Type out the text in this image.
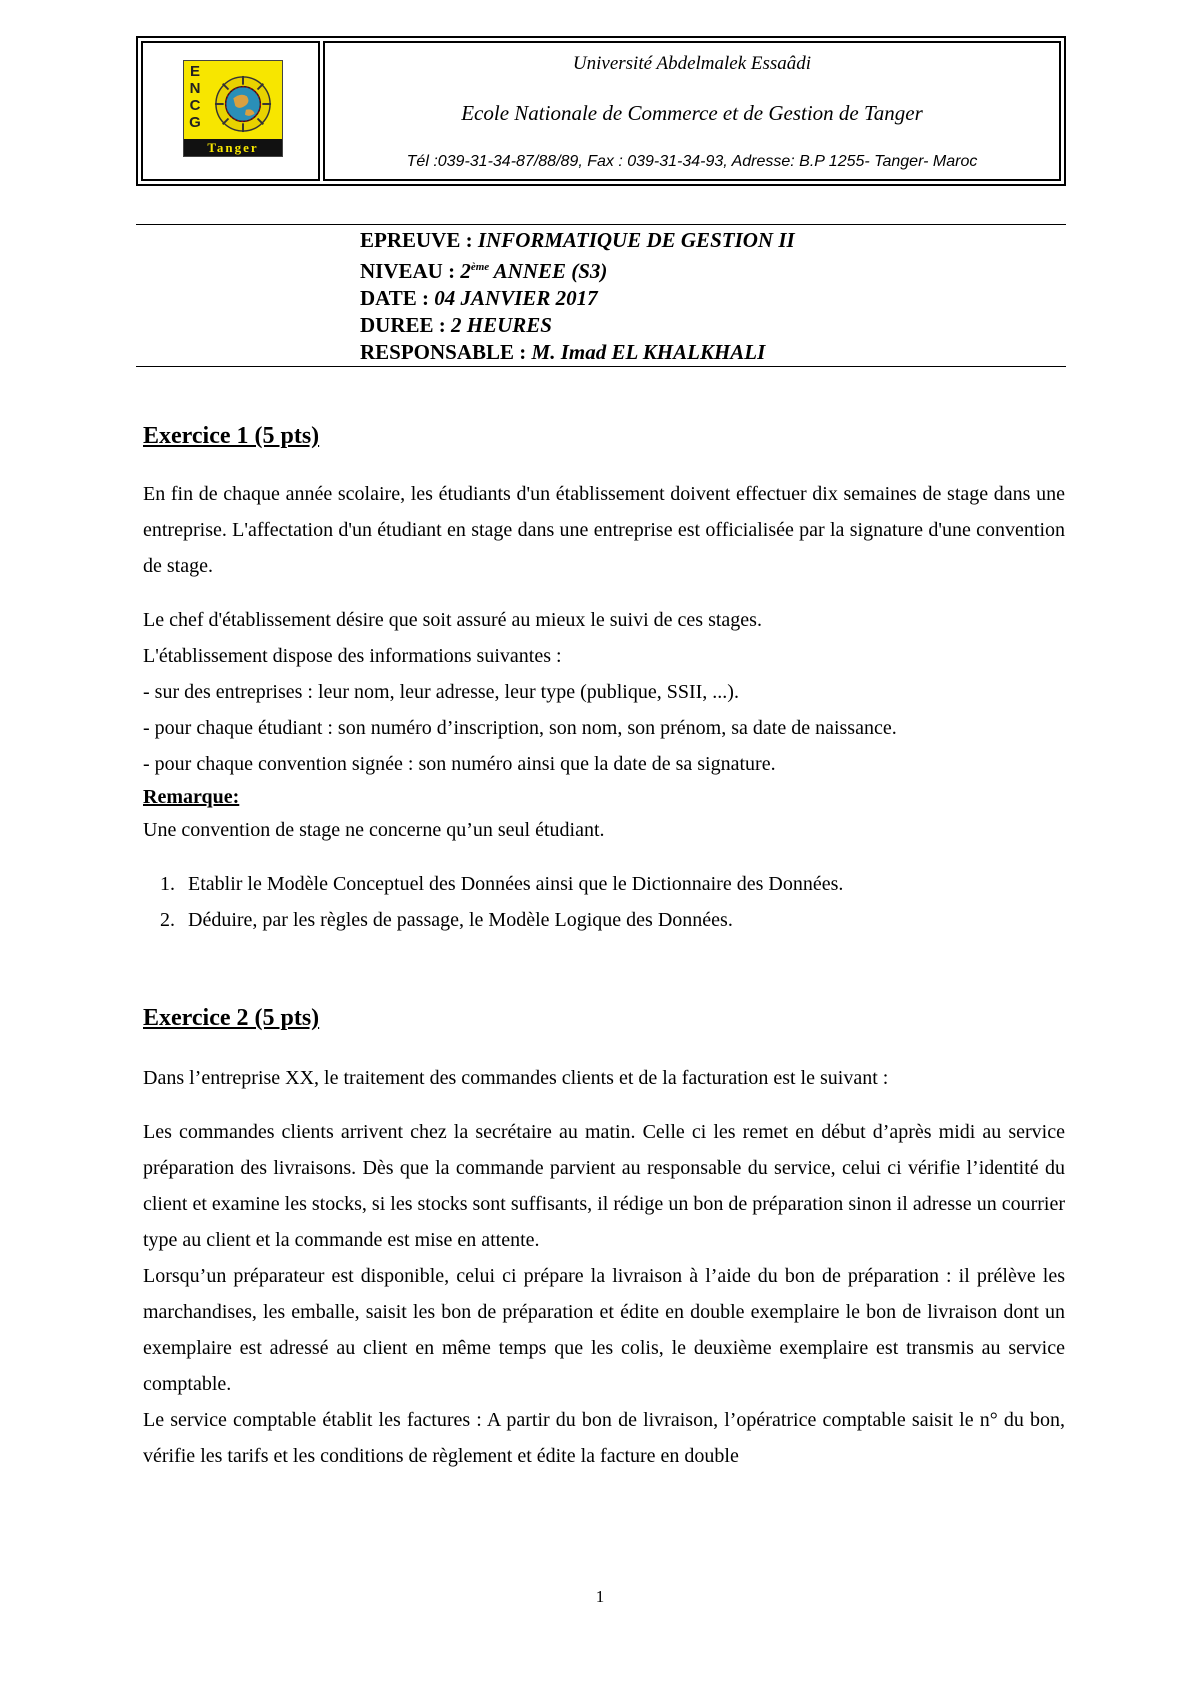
E
N
C
G
Tanger
Université Abdelmalek Essaâdi
Ecole Nationale de Commerce et de Gestion de Tanger
Tél :039-31-34-87/88/89, Fax : 039-31-34-93, Adresse: B.P 1255- Tanger- Maroc
EPREUVE : INFORMATIQUE DE GESTION II
NIVEAU : 2ème ANNEE (S3)
DATE : 04 JANVIER 2017
DUREE : 2 HEURES
RESPONSABLE : M. Imad EL KHALKHALI
Exercice 1 (5 pts)

En fin de chaque année scolaire, les étudiants d'un établissement doivent effectuer dix semaines de stage dans une entreprise. L'affectation d'un étudiant en stage dans une entreprise est officialisée par la signature d'une convention de stage.

Le chef d'établissement désire que soit assuré au mieux le suivi de ces stages.
L'établissement dispose des informations suivantes :
- sur des entreprises : leur nom, leur adresse, leur type (publique, SSII, ...).
- pour chaque étudiant : son numéro d’inscription, son nom, son prénom, sa date de naissance.
- pour chaque convention signée : son numéro ainsi que la date de sa signature.
Remarque:
Une convention de stage ne concerne qu’un seul étudiant.
1. Etablir le Modèle Conceptuel des Données ainsi que le Dictionnaire des Données.
2. Déduire, par les règles de passage, le Modèle Logique des Données.
Exercice 2 (5 pts)
Dans l’entreprise XX, le traitement des commandes clients et de la facturation est le suivant :

Les commandes clients arrivent chez la secrétaire au matin. Celle ci les remet en début d’après midi au service préparation des livraisons. Dès que la commande parvient au responsable du service, celui ci vérifie l’identité du client et examine les stocks, si les stocks sont suffisants, il rédige un bon de préparation sinon il adresse un courrier type au client et la commande est mise en attente.

Lorsqu’un préparateur est disponible, celui ci prépare la livraison à l’aide du bon de préparation : il prélève les marchandises, les emballe, saisit les bon de préparation et édite en double exemplaire le bon de livraison dont un exemplaire est adressé au client en même temps que les colis, le deuxième exemplaire est transmis au service comptable.

Le service comptable établit les factures : A partir du bon de livraison, l’opératrice comptable saisit le n° du bon, vérifie les tarifs et les conditions de règlement et édite la facture en double

1
